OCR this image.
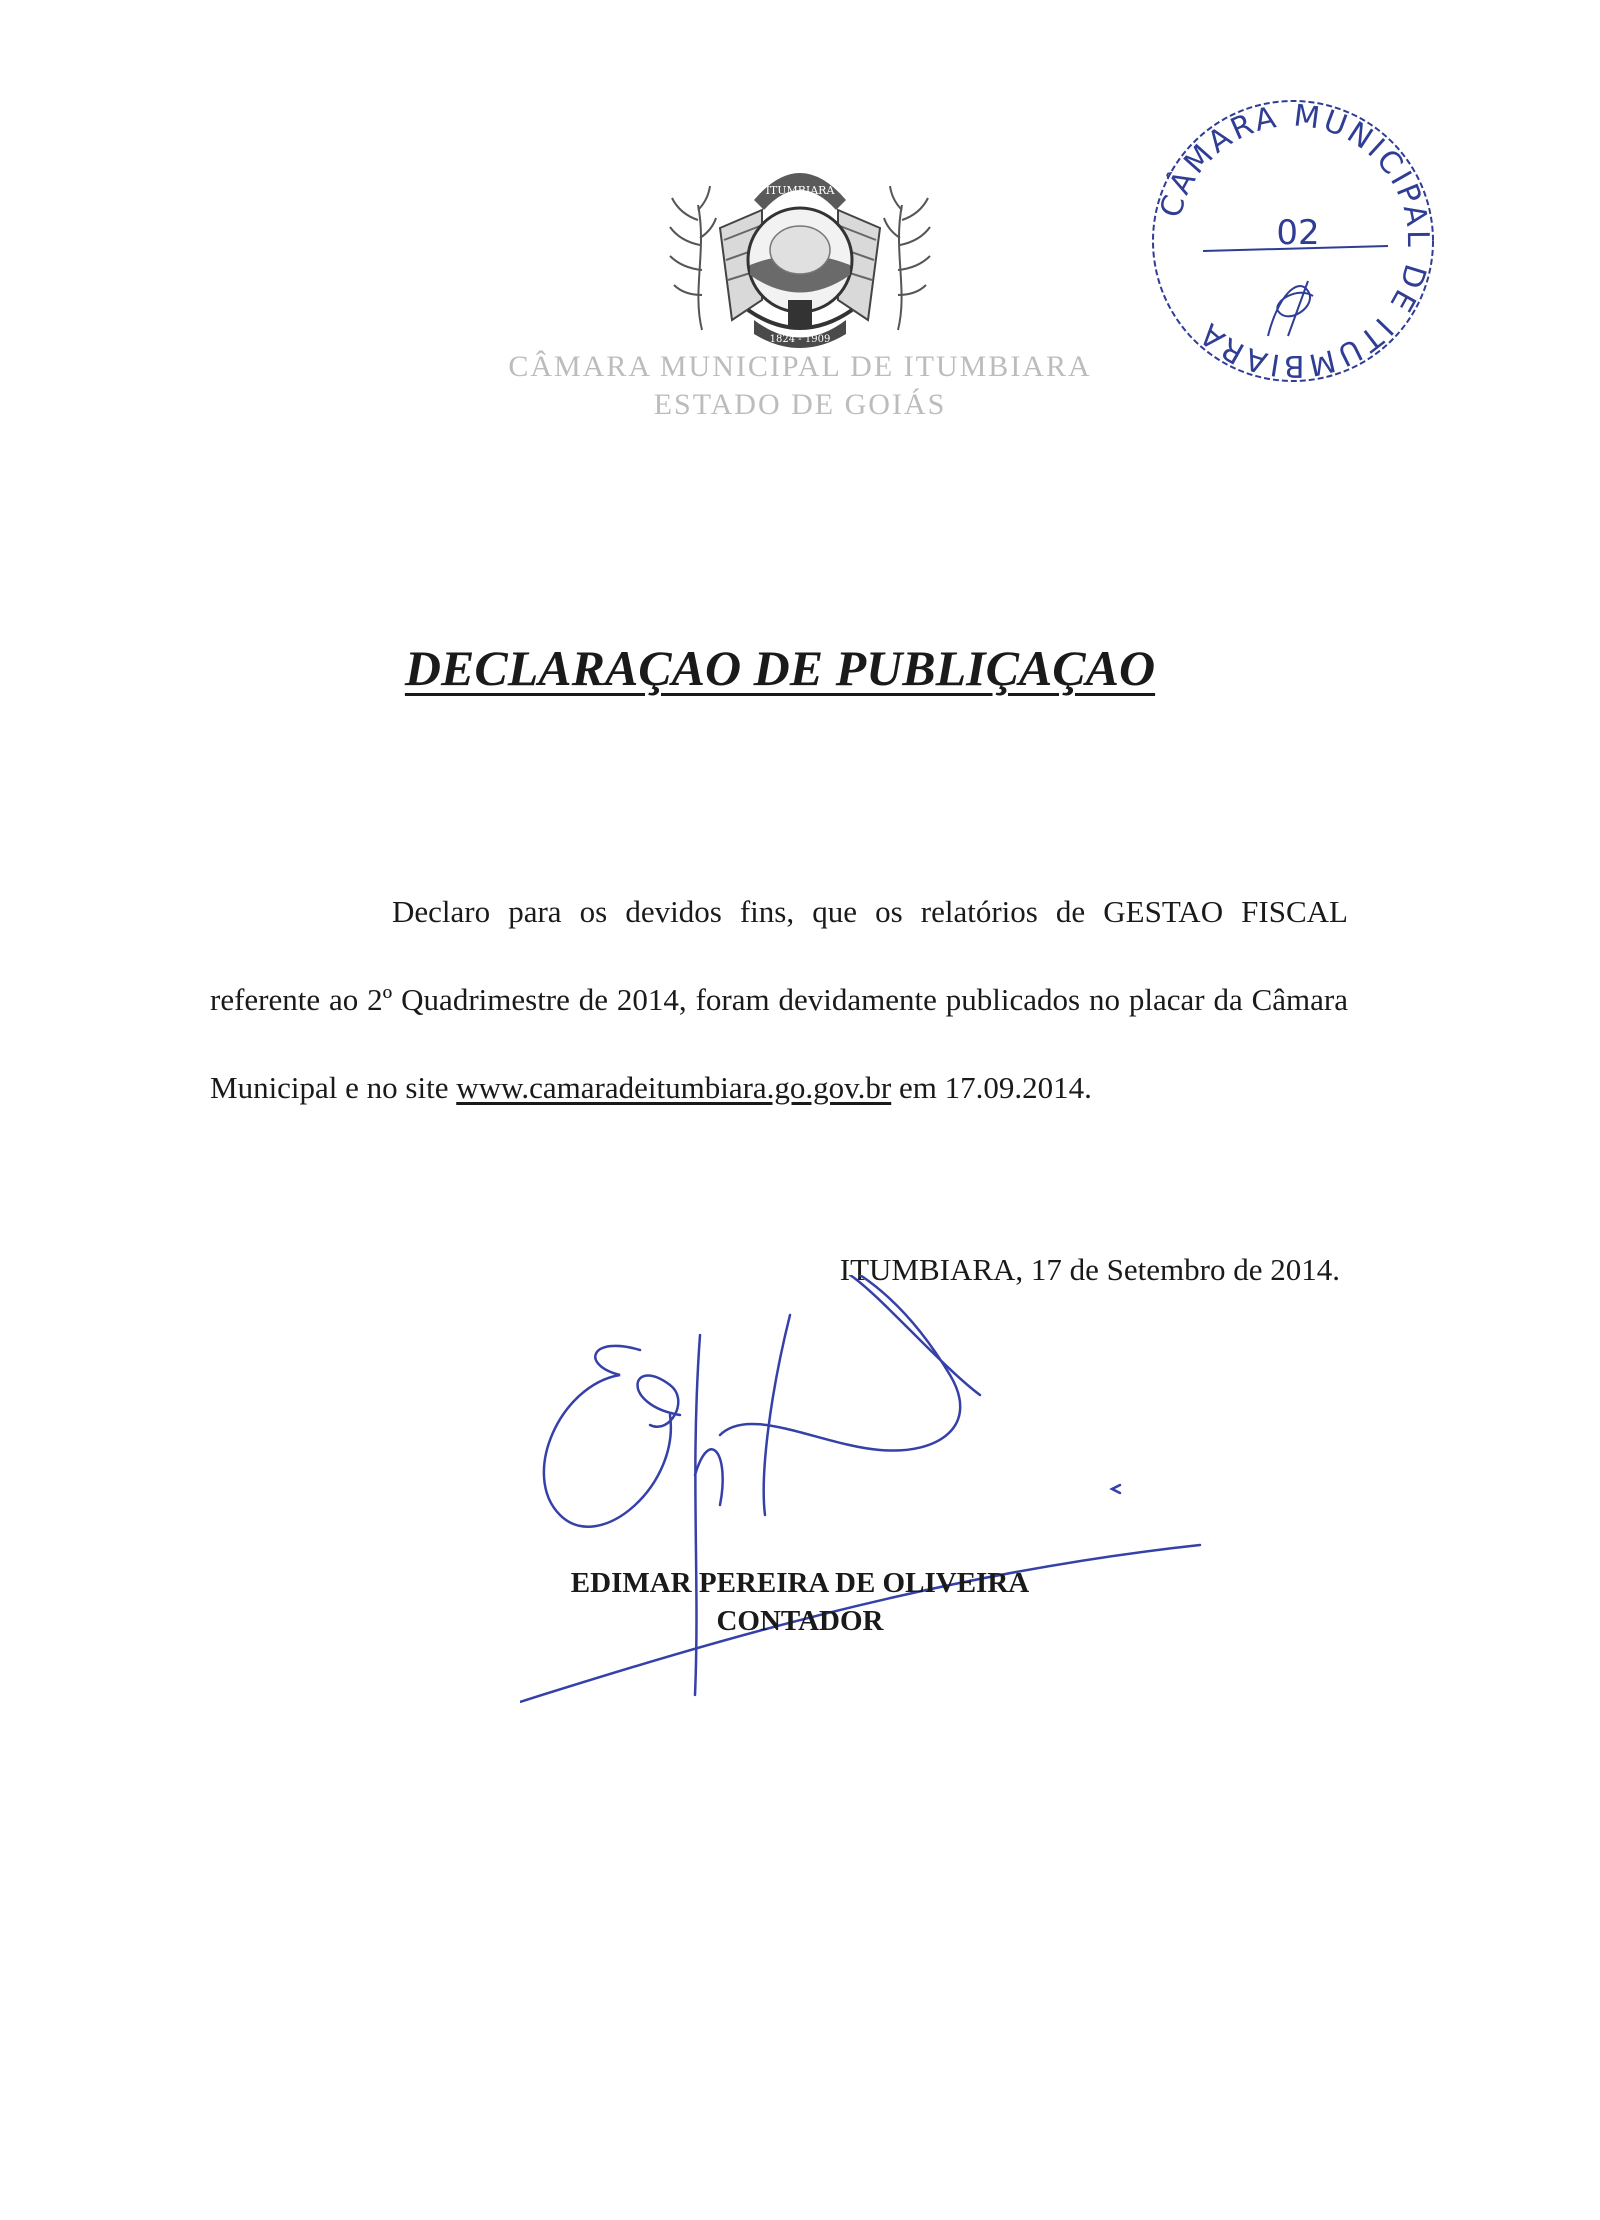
ITUMBIARA
1824 - 1909
CÂMARA MUNICIPAL DE ITUMBIARA
ESTADO DE GOIÁS
CÂMARA MUNICIPAL DE ITUMBIARA
02
DECLARAÇAO DE PUBLIÇAÇAO
Declaro para os devidos fins, que os relatórios de GESTAO FISCAL referente ao 2º Quadrimestre de 2014, foram devidamente publicados no placar da Câmara Municipal e no site www.camaradeitumbiara.go.gov.br em 17.09.2014.
ITUMBIARA, 17 de Setembro de 2014.
EDIMAR PEREIRA DE OLIVEIRA
CONTADOR
